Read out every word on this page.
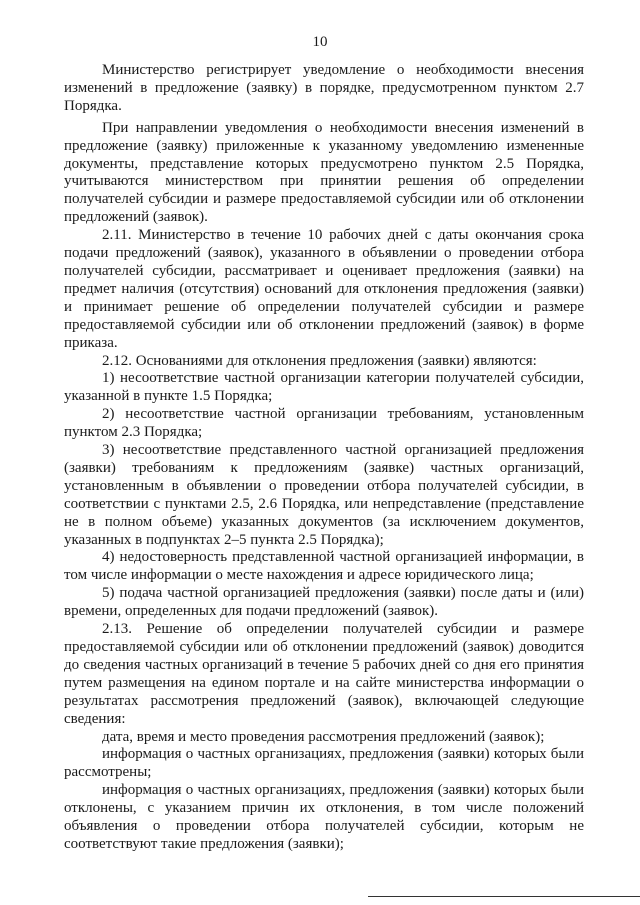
10

Министерство регистрирует уведомление о необходимости внесения изменений в предложение (заявку) в порядке, предусмотренном пунктом 2.7 Порядка.

При направлении уведомления о необходимости внесения изменений в предложение (заявку) приложенные к указанному уведомлению измененные документы, представление которых предусмотрено пунктом 2.5 Порядка, учитываются министерством при принятии решения об определении получателей субсидии и размере предоставляемой субсидии или об отклонении предложений (заявок).

2.11. Министерство в течение 10 рабочих дней с даты окончания срока подачи предложений (заявок), указанного в объявлении о проведении отбора получателей субсидии, рассматривает и оценивает предложения (заявки) на предмет наличия (отсутствия) оснований для отклонения предложения (заявки) и принимает решение об определении получателей субсидии и размере предоставляемой субсидии или об отклонении предложений (заявок) в форме приказа.

2.12. Основаниями для отклонения предложения (заявки) являются:

1) несоответствие частной организации категории получателей субсидии, указанной в пункте 1.5 Порядка;

2) несоответствие частной организации требованиям, установленным пунктом 2.3 Порядка;

3) несоответствие представленного частной организацией предложения (заявки) требованиям к предложениям (заявке) частных организаций, установленным в объявлении о проведении отбора получателей субсидии, в соответствии с пунктами 2.5, 2.6 Порядка, или непредставление (представление не в полном объеме) указанных документов (за исключением документов, указанных в подпунктах 2–5 пункта 2.5 Порядка);

4) недостоверность представленной частной организацией информации, в том числе информации о месте нахождения и адресе юридического лица;

5) подача частной организацией предложения (заявки) после даты и (или) времени, определенных для подачи предложений (заявок).

2.13. Решение об определении получателей субсидии и размере предоставляемой субсидии или об отклонении предложений (заявок) доводится до сведения частных организаций в течение 5 рабочих дней со дня его принятия путем размещения на едином портале и на сайте министерства информации о результатах рассмотрения предложений (заявок), включающей следующие сведения:

дата, время и место проведения рассмотрения предложений (заявок);

информация о частных организациях, предложения (заявки) которых были рассмотрены;

информация о частных организациях, предложения (заявки) которых были отклонены, с указанием причин их отклонения, в том числе положений объявления о проведении отбора получателей субсидии, которым не соответствуют такие предложения (заявки);
